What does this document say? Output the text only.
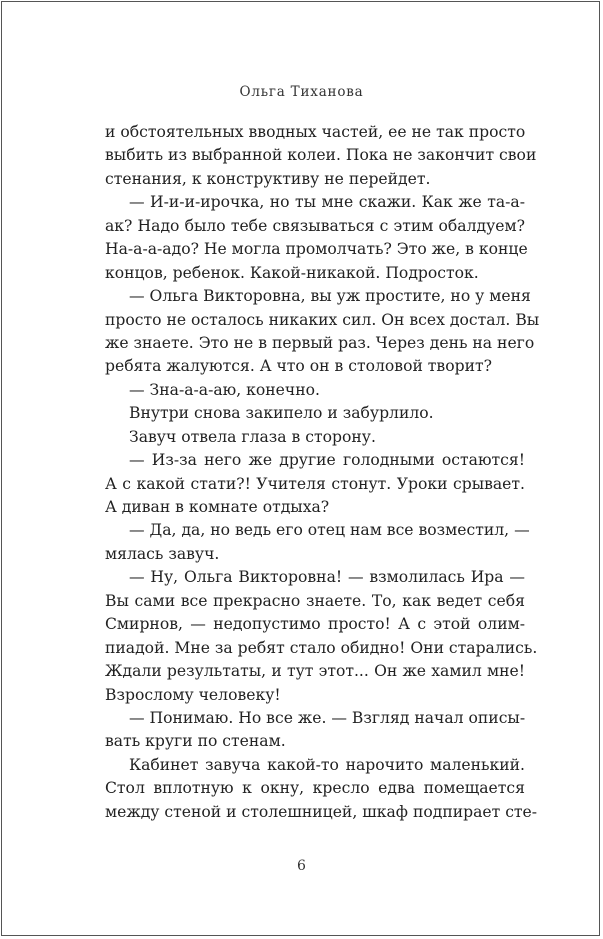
Ольга Тиханова
и обстоятельных вводных частей, ее не так просто
выбить из выбранной колеи. Пока не закончит свои
стенания, к конструктиву не перейдет.
— И-и-и-ирочка, но ты мне скажи. Как же та-а-
ак? Надо было тебе связываться с этим обалдуем?
На-а-а-адо? Не могла промолчать? Это же, в конце
концов, ребенок. Какой-никакой. Подросток.
— Ольга Викторовна, вы уж простите, но у меня
просто не осталось никаких сил. Он всех достал. Вы
же знаете. Это не в первый раз. Через день на него
ребята жалуются. А что он в столовой творит?
— Зна-а-а-аю, конечно.
Внутри снова закипело и забурлило.
Завуч отвела глаза в сторону.
— Из-за него же другие голодными остаются!
А с какой стати?! Учителя стонут. Уроки срывает.
А диван в комнате отдыха?
— Да, да, но ведь его отец нам все возместил, —
мялась завуч.
— Ну, Ольга Викторовна! — взмолилась Ира —
Вы сами все прекрасно знаете. То, как ведет себя
Смирнов, — недопустимо просто! А с этой олим-
пиадой. Мне за ребят стало обидно! Они старались.
Ждали результаты, и тут этот... Он же хамил мне!
Взрослому человеку!
— Понимаю. Но все же. — Взгляд начал описы-
вать круги по стенам.
Кабинет завуча какой-то нарочито маленький.
Стол вплотную к окну, кресло едва помещается
между стеной и столешницей, шкаф подпирает сте-
6
